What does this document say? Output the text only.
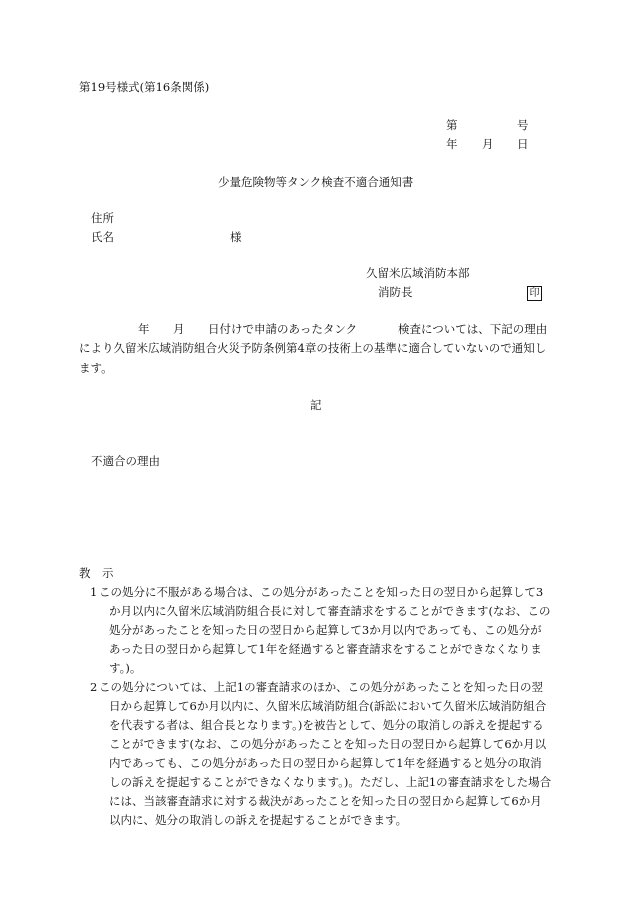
第19号様式(第16条関係)
第	号
年 月 日
少量危険物等タンク検査不適合通知書
住所
氏名	様
久留米広域消防本部
消防長	印
年 月 日付けで申請のあったタンク	検査については、下記の理由
により久留米広域消防組合火災予防条例第4章の技術上の基準に適合していないので通知します。
記
不適合の理由
教　示
1 この処分に不服がある場合は、この処分があったことを知った日の翌日から起算して3か月以内に久留米広域消防組合長に対して審査請求をすることができます(なお、この処分があったことを知った日の翌日から起算して3か月以内であっても、この処分があった日の翌日から起算して1年を経過すると審査請求をすることができなくなります。)。
2 この処分については、上記1の審査請求のほか、この処分があったことを知った日の翌日から起算して6か月以内に、久留米広域消防組合(訴訟において久留米広域消防組合を代表する者は、組合長となります。)を被告として、処分の取消しの訴えを提起することができます(なお、この処分があったことを知った日の翌日から起算して6か月以内であっても、この処分があった日の翌日から起算して1年を経過すると処分の取消しの訴えを提起することができなくなります。)。ただし、上記1の審査請求をした場合には、当該審査請求に対する裁決があったことを知った日の翌日から起算して6か月以内に、処分の取消しの訴えを提起することができます。
